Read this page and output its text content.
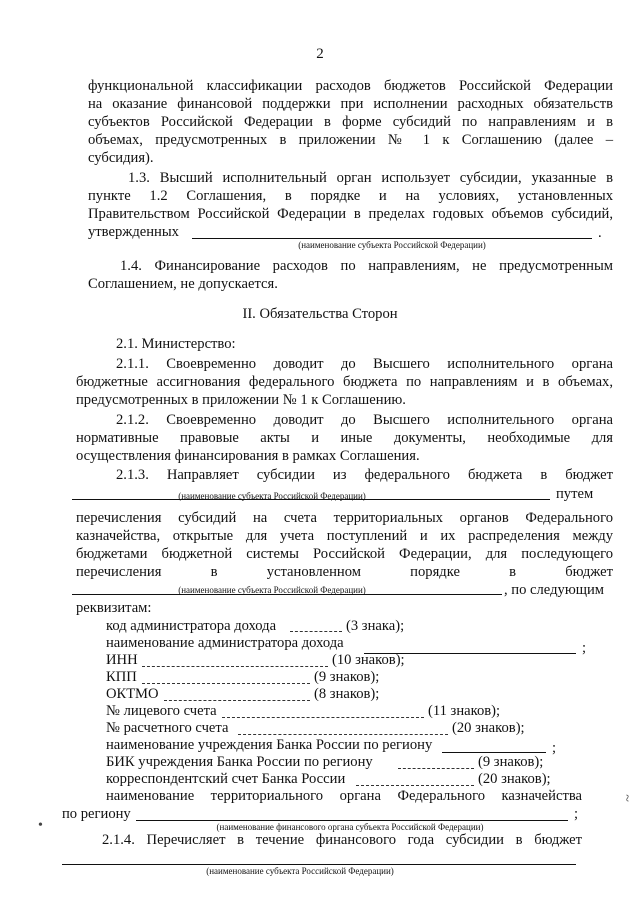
2
функциональной классификации расходов бюджетов Российской Федерации
на оказание финансовой поддержки при исполнении расходных обязательств
субъектов Российской Федерации в форме субсидий по направлениям и в
объемах, предусмотренных в приложении № 1 к Соглашению (далее –
субсидия).
1.3. Высший исполнительный орган использует субсидии, указанные в
пункте 1.2 Соглашения, в порядке и на условиях, установленных
Правительством Российской Федерации в пределах годовых объемов субсидий,
утвержденных	.
(наименование субъекта Российской Федерации)
1.4. Финансирование расходов по направлениям, не предусмотренным
Соглашением, не допускается.
II. Обязательства Сторон
2.1. Министерство:
2.1.1. Своевременно доводит до Высшего исполнительного органа
бюджетные ассигнования федерального бюджета по направлениям и в объемах,
предусмотренных в приложении № 1 к Соглашению.
2.1.2. Своевременно доводит до Высшего исполнительного органа
нормативные правовые акты и иные документы, необходимые для
осуществления финансирования в рамках Соглашения.
2.1.3. Направляет субсидии из федерального бюджета в бюджет
путем
(наименование субъекта Российской Федерации)
перечисления субсидий на счета территориальных органов Федерального
казначейства, открытые для учета поступлений и их распределения между
бюджетами бюджетной системы Российской Федерации, для последующего
перечисления в установленном порядке в бюджет
, по следующим
(наименование субъекта Российской Федерации)
реквизитам:
код администратора дохода	(3 знака);
наименование администратора дохода	;
ИНН	(10 знаков);
КПП	(9 знаков);
ОКТМО	(8 знаков);
№ лицевого счета	(11 знаков);
№ расчетного счета	(20 знаков);
наименование учреждения Банка России по региону	;
БИК учреждения Банка России по региону	(9 знаков);
корреспондентский счет Банка России	(20 знаков);
наименование территориального органа Федерального казначейства
по региону	;
(наименование финансового органа субъекта Российской Федерации)
2.1.4. Перечисляет в течение финансового года субсидии в бюджет
(наименование субъекта Российской Федерации)
•
~
